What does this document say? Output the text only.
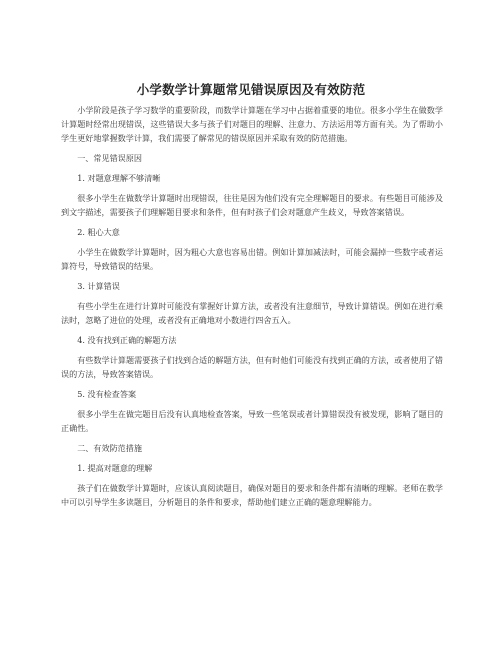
小学数学计算题常见错误原因及有效防范

小学阶段是孩子学习数学的重要阶段，而数学计算题在学习中占据着重要的地位。很多小学生在做数学计算题时经常出现错误，这些错误大多与孩子们对题目的理解、注意力、方法运用等方面有关。为了帮助小学生更好地掌握数学计算，我们需要了解常见的错误原因并采取有效的防范措施。

一、常见错误原因

1. 对题意理解不够清晰

很多小学生在做数学计算题时出现错误，往往是因为他们没有完全理解题目的要求。有些题目可能涉及到文字描述，需要孩子们理解题目要求和条件，但有时孩子们会对题意产生歧义，导致答案错误。

2. 粗心大意

小学生在做数学计算题时，因为粗心大意也容易出错。例如计算加减法时，可能会漏掉一些数字或者运算符号，导致错误的结果。

3. 计算错误

有些小学生在进行计算时可能没有掌握好计算方法，或者没有注意细节，导致计算错误。例如在进行乘法时，忽略了进位的处理，或者没有正确地对小数进行四舍五入。

4. 没有找到正确的解题方法

有些数学计算题需要孩子们找到合适的解题方法，但有时他们可能没有找到正确的方法，或者使用了错误的方法，导致答案错误。

5. 没有检查答案

很多小学生在做完题目后没有认真地检查答案，导致一些笔误或者计算错误没有被发现，影响了题目的正确性。

二、有效防范措施

1. 提高对题意的理解

孩子们在做数学计算题时，应该认真阅读题目，确保对题目的要求和条件都有清晰的理解。老师在教学中可以引导学生多读题目，分析题目的条件和要求，帮助他们建立正确的题意理解能力。
